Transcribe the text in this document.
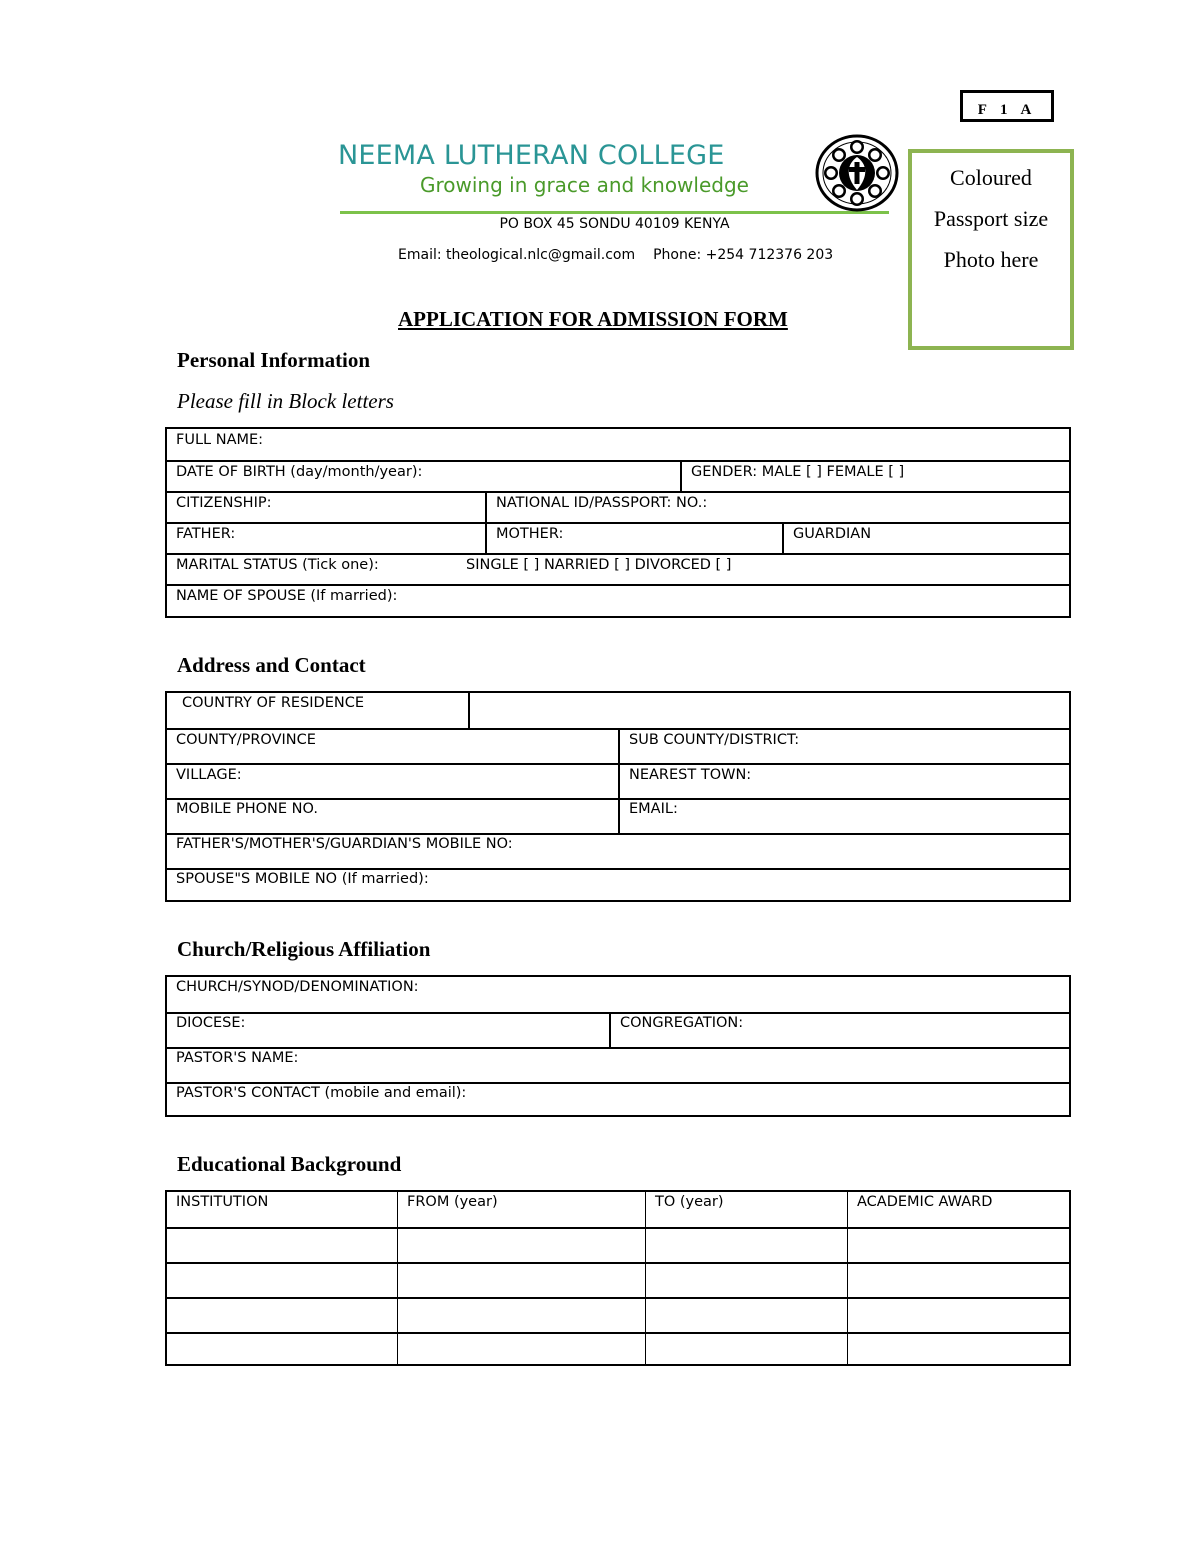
F 1 A
NEEMA LUTHERAN COLLEGE
Growing in grace and knowledge
PO BOX 45 SONDU 40109 KENYA
Email: theological.nlc@gmail.com Phone: +254 712376 203
Coloured
Passport size
Photo here
APPLICATION FOR ADMISSION FORM
Personal Information
Please fill in Block letters
FULL NAME:
DATE OF BIRTH (day/month/year):	GENDER: MALE [ ] FEMALE [ ]
CITIZENSHIP:	NATIONAL ID/PASSPORT: NO.:
FATHER:	MOTHER:	GUARDIAN
MARITAL STATUS (Tick one):	SINGLE [ ] NARRIED [ ] DIVORCED [ ]
NAME OF SPOUSE (If married):
Address and Contact
COUNTRY OF RESIDENCE
COUNTY/PROVINCE	SUB COUNTY/DISTRICT:
VILLAGE:	NEAREST TOWN:
MOBILE PHONE NO.	EMAIL:
FATHER'S/MOTHER'S/GUARDIAN'S MOBILE NO:
SPOUSE"S MOBILE NO (If married):
Church/Religious Affiliation
CHURCH/SYNOD/DENOMINATION:
DIOCESE:	CONGREGATION:
PASTOR'S NAME:
PASTOR'S CONTACT (mobile and email):
Educational Background
INSTITUTION	FROM (year)	TO (year)	ACADEMIC AWARD
